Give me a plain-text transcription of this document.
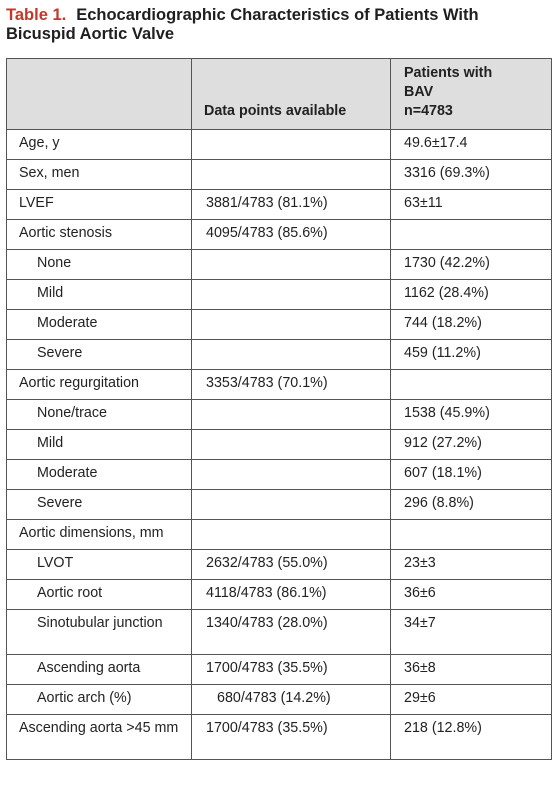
Table 1. Echocardiographic Characteristics of Patients With Bicuspid Aortic Valve
	Data points available	Patients with
BAV
n=4783
Age, y		49.6±17.4
Sex, men		3316 (69.3%)
LVEF	3881/4783 (81.1%)	63±11
Aortic stenosis	4095/4783 (85.6%)	
None		1730 (42.2%)
Mild		1162 (28.4%)
Moderate		744 (18.2%)
Severe		459 (11.2%)
Aortic regurgitation	3353/4783 (70.1%)	
None/trace		1538 (45.9%)
Mild		912 (27.2%)
Moderate		607 (18.1%)
Severe		296 (8.8%)
Aortic dimensions, mm		
LVOT	2632/4783 (55.0%)	23±3
Aortic root	4118/4783 (86.1%)	36±6
Sinotubular junction	1340/4783 (28.0%)	34±7
Ascending aorta	1700/4783 (35.5%)	36±8
Aortic arch (%)	680/4783 (14.2%)	29±6
Ascending aorta >45 mm	1700/4783 (35.5%)	218 (12.8%)
